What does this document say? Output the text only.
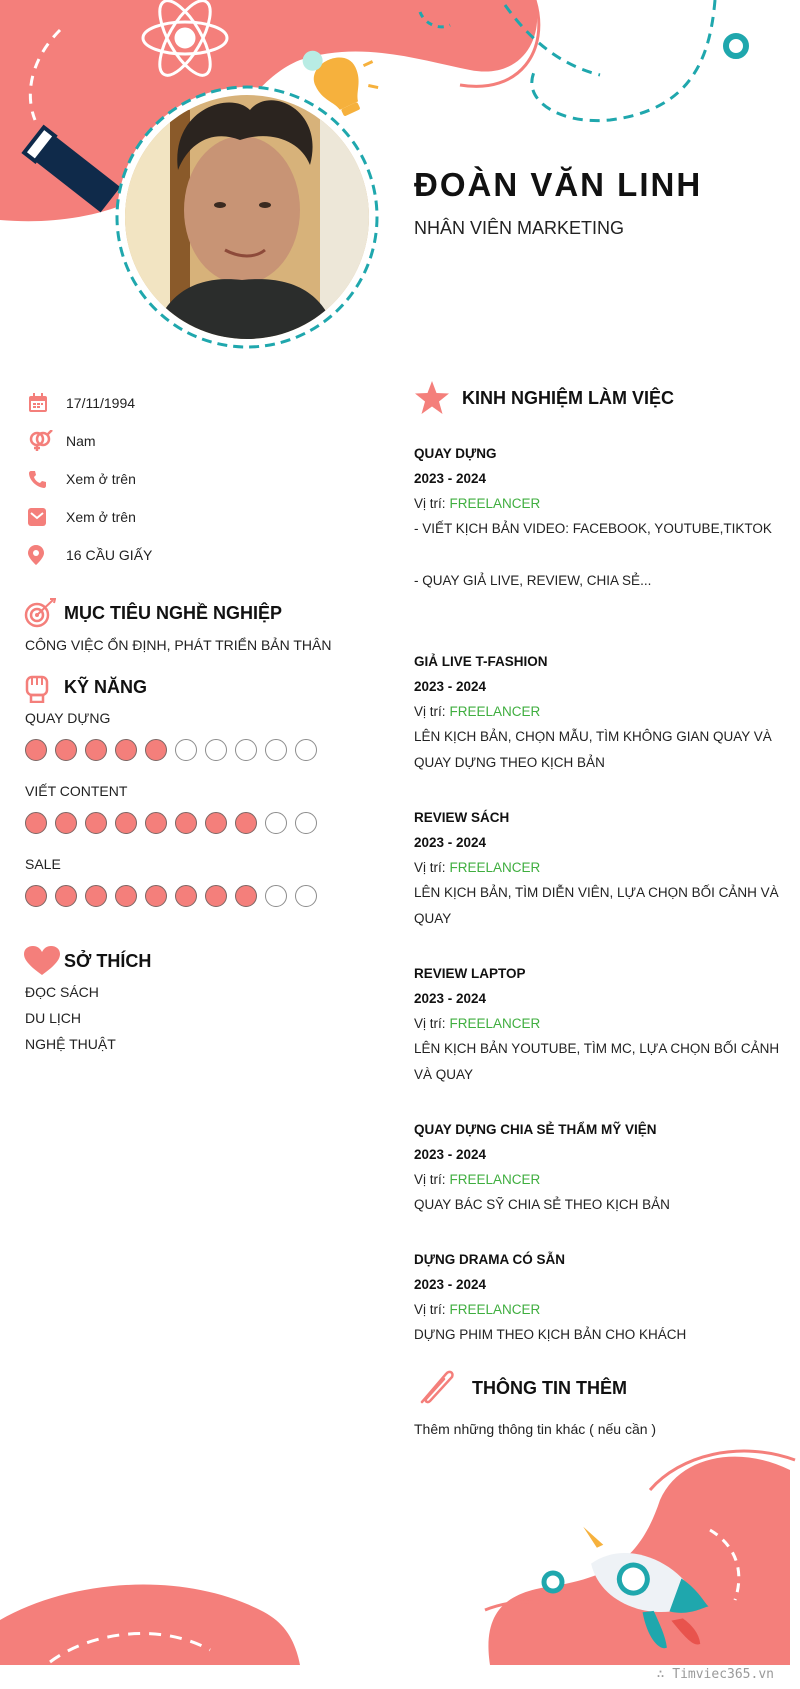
ĐOÀN VĂN LINH
NHÂN VIÊN MARKETING
17/11/1994
Nam
Xem ở trên
Xem ở trên
16 CẦU GIẤY
MỤC TIÊU NGHỀ NGHIỆP
CÔNG VIỆC ỔN ĐỊNH, PHÁT TRIỂN BẢN THÂN
KỸ NĂNG
QUAY DỰNG
VIẾT CONTENT
SALE
SỞ THÍCH
ĐỌC SÁCH
DU LỊCH
NGHỆ THUẬT
KINH NGHIỆM LÀM VIỆC
QUAY DỰNG
2023 - 2024
Vị trí: FREELANCER
- VIẾT KỊCH BẢN VIDEO: FACEBOOK, YOUTUBE,TIKTOK

- QUAY GIẢ LIVE, REVIEW, CHIA SẺ...
GIẢ LIVE T-FASHION
2023 - 2024
Vị trí: FREELANCER
LÊN KỊCH BẢN, CHỌN MẪU, TÌM KHÔNG GIAN QUAY VÀ QUAY DỰNG THEO KỊCH BẢN
REVIEW SÁCH
2023 - 2024
Vị trí: FREELANCER
LÊN KỊCH BẢN, TÌM DIỄN VIÊN, LỰA CHỌN BỐI CẢNH VÀ QUAY
REVIEW LAPTOP
2023 - 2024
Vị trí: FREELANCER
LÊN KỊCH BẢN YOUTUBE, TÌM MC, LỰA CHỌN BỐI CẢNH VÀ QUAY
QUAY DỰNG CHIA SẺ THẨM MỸ VIỆN
2023 - 2024
Vị trí: FREELANCER
QUAY BÁC SỸ CHIA SẺ THEO KỊCH BẢN
DỰNG DRAMA CÓ SẴN
2023 - 2024
Vị trí: FREELANCER
DỰNG PHIM THEO KỊCH BẢN CHO KHÁCH
THÔNG TIN THÊM
Thêm những thông tin khác ( nếu cần )
∴ Timviec365.vn
